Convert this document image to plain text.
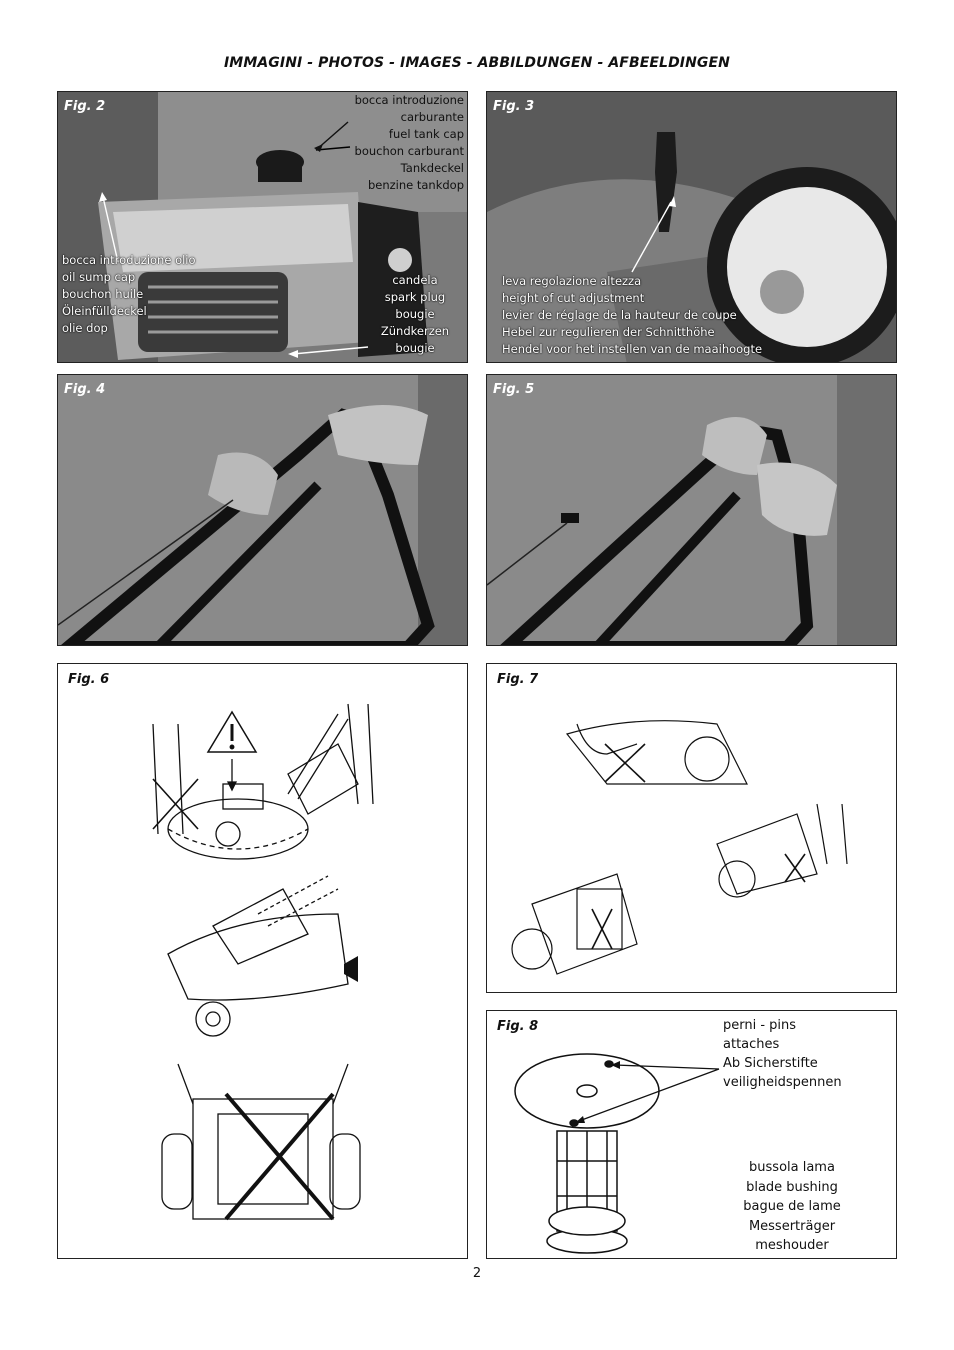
IMMAGINI - PHOTOS - IMAGES - ABBILDUNGEN - AFBEELDINGEN
Fig. 2	bocca introduzione
carburante
fuel tank cap
bouchon carburant
Tankdeckel
benzine tankdop
bocca introduzione olio
oil sump cap
bouchon huile
Öleinfülldeckel
olie dop
candela
spark plug
bougie
Zündkerzen
bougie
Fig. 3
leva regolazione altezza
height of cut adjustment
levier de réglage de la hauteur de coupe
Hebel zur regulieren der Schnitthöhe
Hendel voor het instellen van de maaihoogte
Fig. 4	Fig. 5
Fig. 6	Fig. 7
Fig. 8	perni - pins
attaches
Ab Sicherstifte
veiligheidspennen
bussola lama
blade bushing
bague de lame
Messerträger
meshouder
2
